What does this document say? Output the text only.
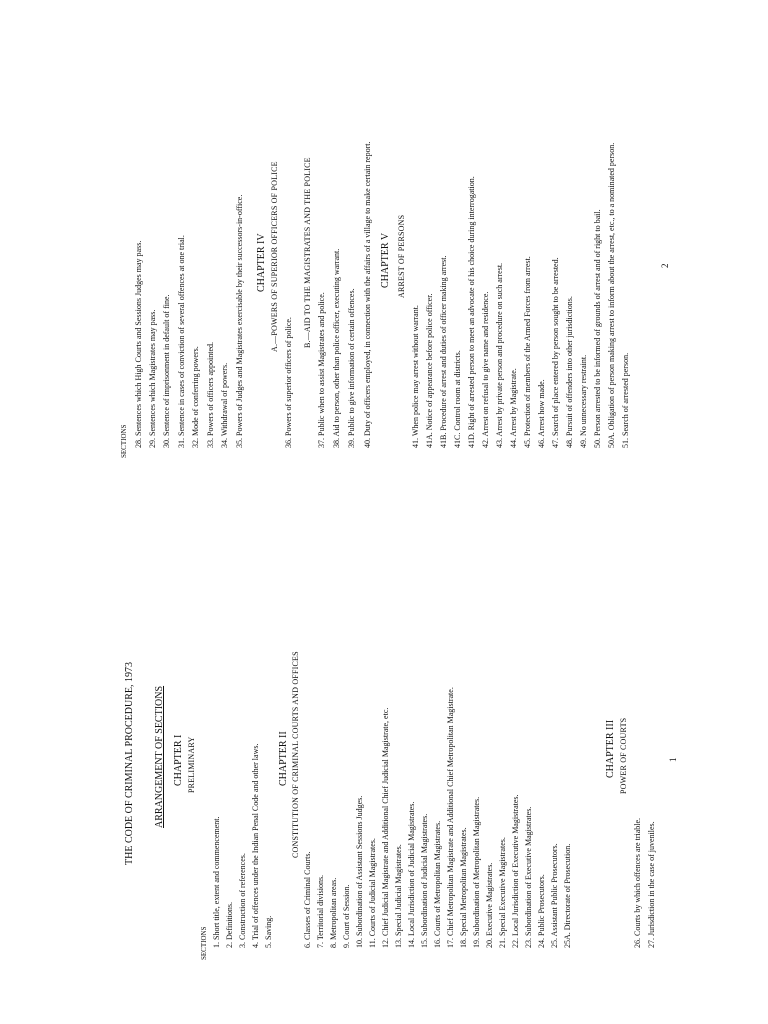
THE CODE OF CRIMINAL PROCEDURE, 1973 ARRANGEMENT OF SECTIONS CHAPTER I PRELIMINARY
SECTIONS 1. Short title, extent and commencement. 2. Definitions. 3. Construction of references. 4. Trial of offences under the Indian Penal Code and other laws. 5. Saving.
CHAPTER II CONSTITUTION OF CRIMINAL COURTS AND OFFICES
6. Classes of Criminal Courts. 7. Territorial divisions. 8. Metropolitan areas. 9. Court of Session. 10. Subordination of Assistant Sessions Judges. 11. Courts of Judicial Magistrates. 12. Chief Judicial Magistrate and Additional Chief Judicial Magistrate, etc. 13. Special Judicial Magistrates. 14. Local Jurisdiction of Judicial Magistrates. 15. Subordination of Judicial Magistrates. 16. Courts of Metropolitan Magistrates. 17. Chief Metropolitan Magistrate and Additional Chief Metropolitan Magistrate. 18. Special Metropolitan Magistrates. 19. Subordination of Metropolitan Magistrates. 20. Executive Magistrates. 21. Special Executive Magistrates. 22. Local Jurisdiction of Executive Magistrates. 23. Subordination of Executive Magistrates. 24. Public Prosecutors. 25. Assistant Public Prosecutors. 25A. Directorate of Prosecution.
CHAPTER III POWER OF COURTS
26. Courts by which offences are triable. 27. Jurisdiction in the case of juveniles.
1
SECTIONS 28. Sentences which High Courts and Sessions Judges may pass. 29. Sentences which Magistrates may pass. 30. Sentence of imprisonment in default of fine. 31. Sentence in cases of conviction of several offences at one trial. 32. Mode of conferring powers. 33. Powers of officers appointed. 34. Withdrawal of powers. 35. Powers of Judges and Magistrates exercisable by their successors-in-office. CHAPTER IV A.—POWERS OF SUPERIOR OFFICERS OF POLICE
36. Powers of superior officers of police.
B.—AID TO THE MAGISTRATES AND THE POLICE
37. Public when to assist Magistrates and police. 38. Aid to person, other than police officer, executing warrant. 39. Public to give information of certain offences. 40. Duty of officers employed, in connection with the affairs of a village to make certain report. CHAPTER V ARREST OF PERSONS
41. When police may arrest without warrant. 41A. Notice of appearance before police officer. 41B. Procedure of arrest and duties of officer making arrest. 41C. Control room at districts. 41D. Right of arrested person to meet an advocate of his choice during interrogation. 42. Arrest on refusal to give name and residence. 43. Arrest by private person and procedure on such arrest. 44. Arrest by Magistrate. 45. Protection of members of the Armed Forces from arrest. 46. Arrest how made. 47. Search of place entered by person sought to be arrested. 48. Pursuit of offenders into other jurisdictions. 49. No unnecessary restraint. 50. Person arrested to be informed of grounds of arrest and of right to bail. 50A. Obligation of person making arrest to inform about the arrest, etc., to a nominated person. 51. Search of arrested person.
2
